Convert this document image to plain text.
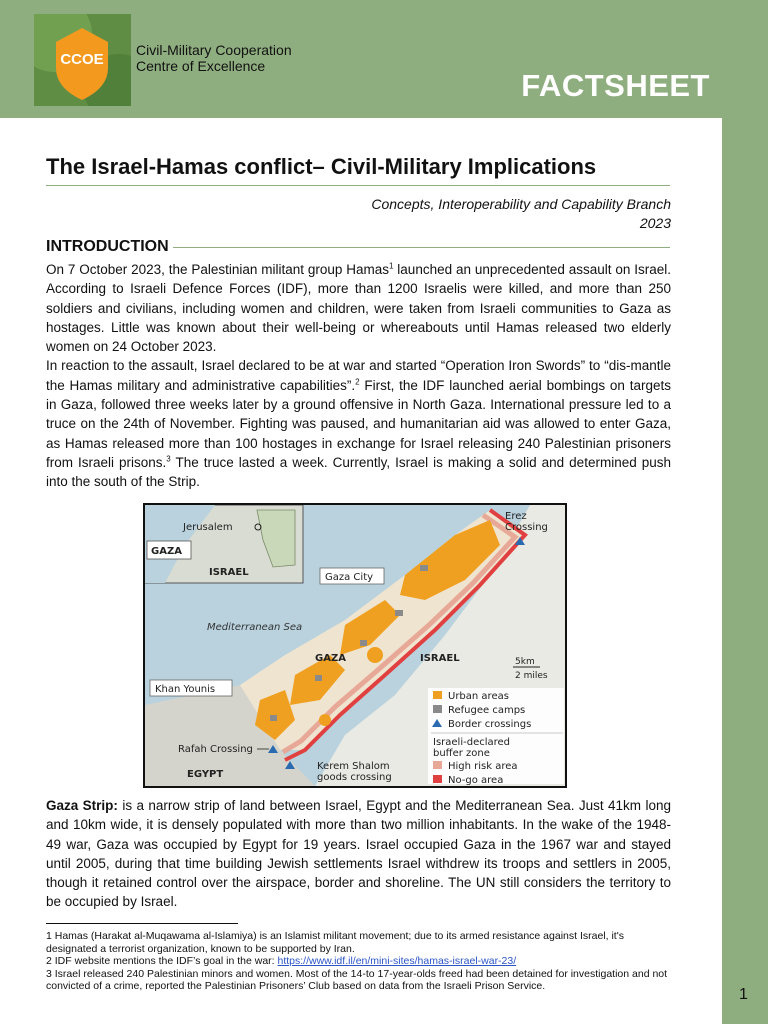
CCOE
Civil-Military Cooperation
Centre of Excellence
FACTSHEET
The Israel-Hamas conflict– Civil-Military Implications
Concepts, Interoperability and Capability Branch
2023
INTRODUCTION

On 7 October 2023, the Palestinian militant group Hamas$^1$ launched an unprecedented assault on Israel. According to Israeli Defence Forces (IDF), more than 1200 Israelis were killed, and more than 250 soldiers and civilians, including women and children, were taken from Israeli communities to Gaza as hostages. Little was known about their well-being or whereabouts until Hamas released two elderly women on 24 October 2023.

In reaction to the assault, Israel declared to be at war and started “Operation Iron Swords” to “dis-mantle the Hamas military and administrative capabilities”.$^2$ First, the IDF launched aerial bombings on targets in Gaza, followed three weeks later by a ground offensive in North Gaza. International pressure led to a truce on the 24th of November. Fighting was paused, and humanitarian aid was allowed to enter Gaza, as Hamas released more than 100 hostages in exchange for Israel releasing 240 Palestinian prisoners from Israeli prisons.$^3$ The truce lasted a week. Currently, Israel is making a solid and determined push into the south of the Strip.

GAZA
Jerusalem
ISRAEL
Erez
Crossing
Gaza City
Mediterranean Sea
GAZA	ISRAEL	5km
2 miles
Khan Younis
Rafah Crossing
EGYPT
Kerem Shalom
goods crossing
Urban areas
Refugee camps
Border crossings
Israeli-declared
buffer zone
High risk area
No-go area

Gaza Strip: is a narrow strip of land between Israel, Egypt and the Mediterranean Sea. Just 41km long and 10km wide, it is densely populated with more than two million inhabitants. In the wake of the 1948-49 war, Gaza was occupied by Egypt for 19 years. Israel occupied Gaza in the 1967 war and stayed until 2005, during that time building Jewish settlements Israel withdrew its troops and settlers in 2005, though it retained control over the airspace, border and shoreline. The UN still considers the territory to be occupied by Israel.

1 Hamas (Harakat al-Muqawama al-Islamiya) is an Islamist militant movement; due to its armed resistance against Israel, it's designated a terrorist organization, known to be supported by Iran.

2 IDF website mentions the IDF’s goal in the war: https://www.idf.il/en/mini-sites/hamas-israel-war-23/

3 Israel released 240 Palestinian minors and women. Most of the 14-to 17-year-olds freed had been detained for investigation and not convicted of a crime, reported the Palestinian Prisoners’ Club based on data from the Israeli Prison Service.	1
